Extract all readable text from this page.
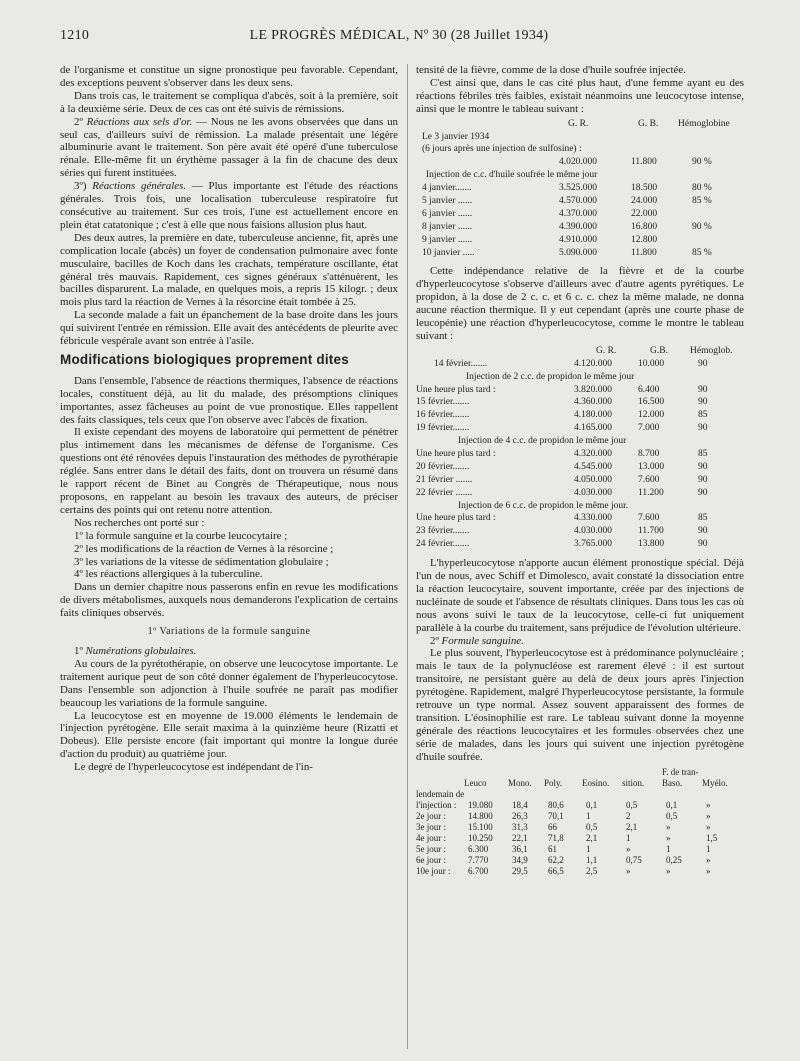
1210	LE PROGRÈS MÉDICAL, Nº 30 (28 Juillet 1934)

de l'organisme et constitue un signe pronostique peu favorable. Cependant, des exceptions peuvent s'observer dans les deux sens.

Dans trois cas, le traitement se compliqua d'abcès, soit à la première, soit à la deuxième série. Deux de ces cas ont été suivis de rémissions.

2º Réactions aux sels d'or. — Nous ne les avons observées que dans un seul cas, d'ailleurs suivi de rémission. La malade présentait une légère albuminurie avant le traitement. Son père avait été opéré d'une tuberculose rénale. Elle-même fit un érythème passager à la fin de chacune des deux séries qui furent instituées.

3º) Réactions générales. — Plus importante est l'étude des réactions générales. Trois fois, une localisation tuberculeuse respiratoire fut consécutive au traitement. Sur ces trois, l'une est actuellement encore en plein état catatonique ; c'est à elle que nous faisions allusion plus haut.

Des deux autres, la première en date, tuberculeuse ancienne, fit, après une complication locale (abcès) un foyer de condensation pulmonaire avec fonte musculaire, bacilles de Koch dans les crachats, température oscillante, état général très mauvais. Rapidement, ces signes généraux s'atténuèrent, les bacilles disparurent. La malade, en quelques mois, a repris 15 kilogr. ; deux mois plus tard la réaction de Vernes à la résorcine était tombée à 25.

La seconde malade a fait un épanchement de la base droite dans les jours qui suivirent l'entrée en rémission. Elle avait des antécédents de pleurite avec fébricule vespérale avant son entrée à l'asile.

Modifications biologiques proprement dites

Dans l'ensemble, l'absence de réactions thermiques, l'absence de réactions locales, constituent déjà, au lit du malade, des présomptions cliniques importantes, assez fâcheuses au point de vue pronostique. Elles rappellent des faits classiques, tels ceux que l'on observe avec l'abcès de fixation.

Il existe cependant des moyens de laboratoire qui permettent de pénétrer plus intimement dans les mécanismes de défense de l'organisme. Ces questions ont été rénovées depuis l'instauration des méthodes de pyrothérapie réglée. Sans entrer dans le détail des faits, dont on trouvera un résumé dans le rapport récent de Binet au Congrès de Thérapeutique, nous nous proposons, en rappelant au besoin les travaux des auteurs, de préciser certains des points qui ont retenu notre attention.

Nos recherches ont porté sur :

1º la formule sanguine et la courbe leucocytaire ;

2º les modifications de la réaction de Vernes à la résorcine ;

3º les variations de la vitesse de sédimentation globulaire ;

4º les réactions allergiques à la tuberculine.

Dans un dernier chapitre nous passerons enfin en revue les modifications de divers métabolismes, auxquels nous demanderons l'explication de certains faits cliniques observés.

1º Variations de la formule sanguine

1º Numérations globulaires.

Au cours de la pyrétothérapie, on observe une leucocytose importante. Le traitement aurique peut de son côté donner également de l'hyperleucocytose. Dans l'ensemble son adjonction à l'huile soufrée ne paraît pas modifier beaucoup les variations de la formule sanguine.

La leucocytose est en moyenne de 19.000 éléments le lendemain de l'injection pyrétogène. Elle serait maxima à la quinzième heure (Rizatti et Dobeus). Elle persiste encore (fait important qui montre la longue durée d'action du produit) au quatrième jour.

Le degré de l'hyperleucocytose est indépendant de l'in-

tensité de la fièvre, comme de la dose d'huile soufrée injectée.

C'est ainsi que, dans le cas cité plus haut, d'une femme ayant eu des réactions fébriles très faibles, existait néanmoins une leucocytose intense, ainsi que le montre le tableau suivant :

G. R.	G. B. Hémoglobine
Le 3 janvier 1934
(6 jours après une injection de sulfosine) :
4.020.000	11.800	90 %
Injection de c.c. d'huile soufrée le même jour
4 janvier.......	3.525.000	18.500	80 %
5 janvier ......	4.570.000	24.000	85 %
6 janvier ......	4.370.000	22.000
8 janvier ......	4.390.000	16.800	90 %
9 janvier ......	4.910.000	12.800
10 janvier .....	5.090.000	11.800	85 %

Cette indépendance relative de la fièvre et de la courbe d'hyperleucocytose s'observe d'ailleurs avec d'autre agents pyrétiques. Le propidon, à la dose de 2 c. c. et 6 c. c. chez la même malade, ne donna aucune réaction thermique. Il y eut cependant (après une courte phase de leucopénie) une réaction d'hyperleucocytose, comme le montre le tableau suivant :

G. R.	G.B. Hémoglob.
14 février.......	4.120.000	10.000	90
Injection de 2 c.c. de propidon le même jour
Une heure plus tard :	3.820.000	6.400	90
15 février.......	4.360.000	16.500	90
16 février.......	4.180.000	12.000	85
19 février.......	4.165.000	7.000	90
Injection de 4 c.c. de propidon le même jour
Une heure plus tard :	4.320.000	8.700	85
20 février.......	4.545.000	13.000	90
21 février .......	4.050.000	7.600	90
22 février .......	4.030.000	11.200	90
Injection de 6 c.c. de propidon le même jour.
Une heure plus tard :	4.330.000	7.600	85
23 février.......	4.030.000	11.700	90
24 février.......	3.765.000	13.800	90

L'hyperleucocytose n'apporte aucun élément pronostique spécial. Déjà l'un de nous, avec Schiff et Dimolesco, avait constaté la dissociation entre la réaction leucocytaire, souvent importante, créée par des injections de nucléinate de soude et l'absence de résultats cliniques. Dans tous les cas où nous avons suivi le taux de la leucocytose, celle-ci fut uniquement parallèle à la courbe du traitement, sans préjudice de l'évolution ultérieure.

2º Formule sanguine.

Le plus souvent, l'hyperleucocytose est à prédominance polynucléaire ; mais le taux de la polynucléose est rarement élevé : il est surtout transitoire, ne persistant guère au delà de deux jours après l'injection pyrétogène. Rapidement, malgré l'hyperleucocytose persistante, la formule retrouve un type normal. Assez souvent apparaissent des formes de transition. L'éosinophilie est rare. Le tableau suivant donne la moyenne générale des réactions leucocytaires et les formules observées chez une série de malades, dans les jours qui suivent une injection pyrétogène d'huile soufrée.

F. de tran-
Leuco Mono. Poly. Eosino. sition. Baso. Myélo.
lendemain de
l'injection : 19.080 18,4 80,6 0,1	0,5	0,1	»
2e jour : 14.800 26,3 70,1 1	2	0,5	»
3e jour : 15.100 31,3 66	0,5	2,1	»	»
4e jour : 10.250 22,1 71,8 2,1	1	»	1,5
5e jour : 6.300	36,1 61	1	»	1	1
6e jour : 7.770	34,9 62,2 1,1	0,75	0,25	»
10e jour : 6.700	29,5 66,5 2,5	»	»	»
